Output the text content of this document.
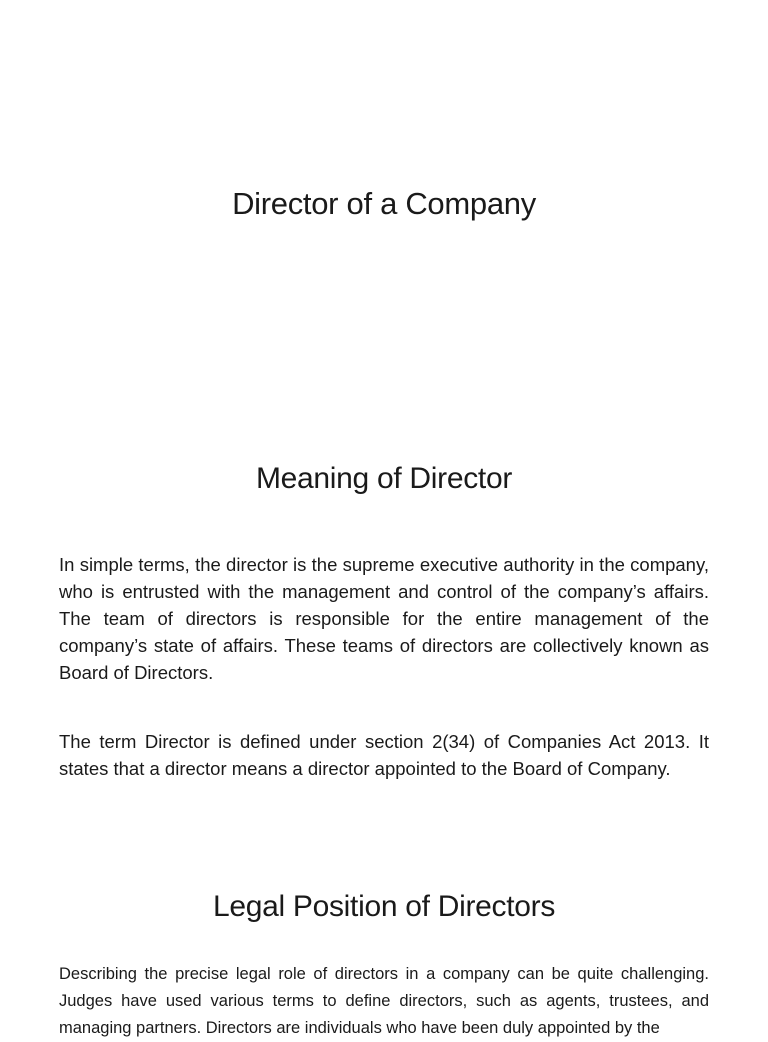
Director of a Company
Meaning of Director

In simple terms, the director is the supreme executive authority in the company, who is entrusted with the management and control of the company’s affairs. The team of directors is responsible for the entire management of the company’s state of affairs. These teams of directors are collectively known as Board of Directors.

The term Director is defined under section 2(34) of Companies Act 2013. It states that a director means a director appointed to the Board of Company.

Legal Position of Directors

Describing the precise legal role of directors in a company can be quite challenging. Judges have used various terms to define directors, such as agents, trustees, and managing partners. Directors are individuals who have been duly appointed by the
